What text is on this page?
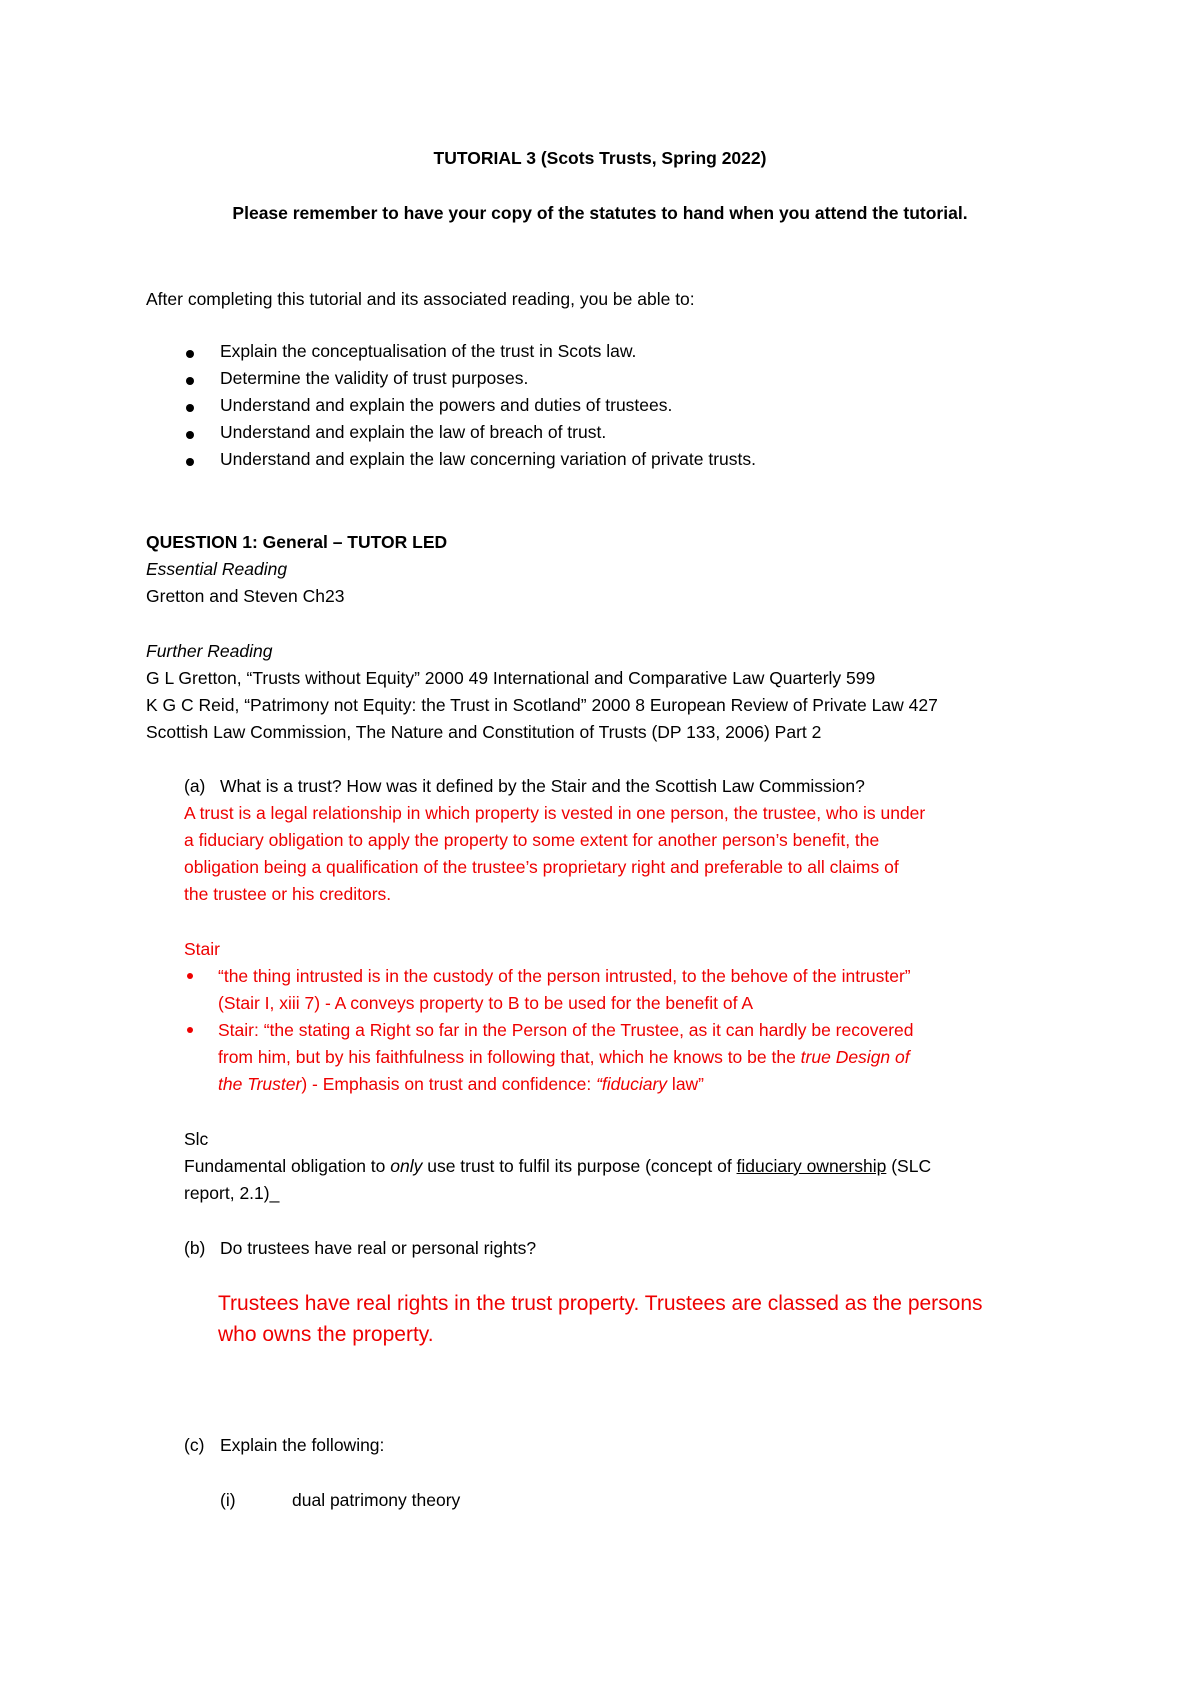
TUTORIAL 3 (Scots Trusts, Spring 2022)
Please remember to have your copy of the statutes to hand when you attend the tutorial.
After completing this tutorial and its associated reading, you be able to:
Explain the conceptualisation of the trust in Scots law.
Determine the validity of trust purposes.
Understand and explain the powers and duties of trustees.
Understand and explain the law of breach of trust.
Understand and explain the law concerning variation of private trusts.
QUESTION 1: General – TUTOR LED
Essential Reading
Gretton and Steven Ch23
Further Reading
G L Gretton, “Trusts without Equity” 2000 49 International and Comparative Law Quarterly 599
K G C Reid, “Patrimony not Equity: the Trust in Scotland” 2000 8 European Review of Private Law 427
Scottish Law Commission, The Nature and Constitution of Trusts (DP 133, 2006) Part 2
(a) What is a trust? How was it defined by the Stair and the Scottish Law Commission?
A trust is a legal relationship in which property is vested in one person, the trustee, who is under
a fiduciary obligation to apply the property to some extent for another person’s benefit, the
obligation being a qualification of the trustee’s proprietary right and preferable to all claims of
the trustee or his creditors.
Stair
“the thing intrusted is in the custody of the person intrusted, to the behove of the intruster”
(Stair I, xiii 7) - A conveys property to B to be used for the benefit of A
Stair: “the stating a Right so far in the Person of the Trustee, as it can hardly be recovered
from him, but by his faithfulness in following that, which he knows to be the true Design of
the Truster) - Emphasis on trust and confidence: “fiduciary law”
Slc
Fundamental obligation to only use trust to fulfil its purpose (concept of fiduciary ownership (SLC
report, 2.1)_
(b) Do trustees have real or personal rights?
Trustees have real rights in the trust property. Trustees are classed as the persons
who owns the property.
(c) Explain the following:
(i)	dual patrimony theory
